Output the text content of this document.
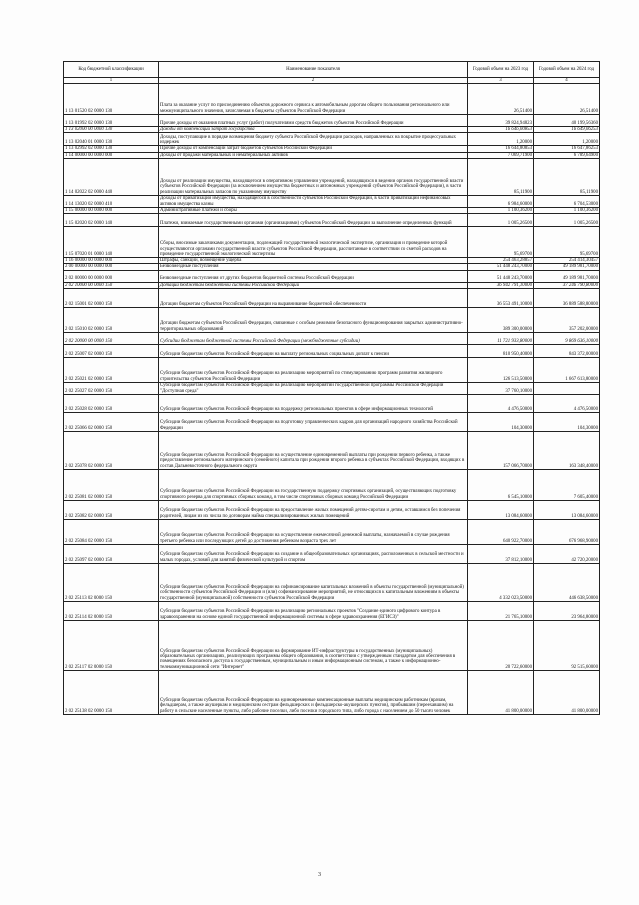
Код бюджетной классификации	Наименование показателя	Годовой объем на 2023 год	Годовой объем на 2024 год
1	2	3	4
1 13 01520 02 0000 130	Плата за оказание услуг по присоединению объектов дорожного сервиса к автомобильным дорогам общего пользования регионального или межмуниципального значения, зачисляемая в бюджеты субъектов Российской Федерации	26,51400	26,51400
1 13 01992 02 0000 130	Прочие доходы от оказания платных услуг (работ) получателями средств бюджетов субъектов Российской Федерации	39 824,94823	40 199,56360
1 13 02000 00 0000 130	Доходы от компенсации затрат государства	16 646,00853	16 649,06253
1 13 02040 01 0000 130	Доходы, поступающие в порядке возмещения бюджету субъекта Российской Федерации расходов, направленных на покрытие процессуальных издержек	1,20000	1,20000
1 13 02992 02 0000 130	Прочие доходы от компенсации затрат бюджетов субъектов Российской Федерации	16 644,80853	16 647,86253
1 14 00000 00 0000 000	Доходы от продажи материальных и нематериальных активов	7 069,71900	6 789,64900
1 14 02022 02 0000 440	Доходы от реализации имущества, находящегося в оперативном управлении учреждений, находящихся в ведении органов государственной власти субъектов Российской Федерации (за исключением имущества бюджетных и автономных учреждений субъектов Российской Федерации), в части реализации материальных запасов по указанному имуществу	85,11900	85,11900
1 14 13020 02 0000 410	Доходы от приватизации имущества, находящегося в собственности субъектов Российской Федерации, в части приватизации нефинансовых активов имущества казны	6 984,60000	6 704,53000
1 15 00000 00 0000 000	Административные платежи и сборы	1 100,36200	1 100,36200
1 15 02020 02 0000 140	Платежи, взимаемые государственными органами (организациями) субъектов Российской Федерации за выполнение определенных функций	1 005,26500	1 005,26500
1 15 07020 01 0000 140	Сборы, вносимые заказчиками документации, подлежащей государственной экологической экспертизе, организация и проведение которой осуществляются органами государственной власти субъектов Российской Федерации, рассчитанные в соответствии со сметой расходов на проведение государственной экологической экспертизы	95,69700	95,69700
1 16 00000 00 0000 000	Штрафы, санкции, возмещение ущерба	254 463,28857	254 414,30457
2 00 00000 00 0000 000	Безвозмездные поступления	51 448 243,70000	49 189 981,70000
2 02 00000 00 0000 000	Безвозмездные поступления от других бюджетов бюджетной системы Российской Федерации	51 448 243,70000	49 189 981,70000
2 02 10000 00 0000 150	Дотации бюджетам бюджетной системы Российской Федерации	36 942 791,10000	37 246 790,80000
2 02 15001 02 0000 150	Дотации бюджетам субъектов Российской Федерации на выравнивание бюджетной обеспеченности	36 553 491,10000	36 889 588,80000
2 02 15010 02 0000 150	Дотации бюджетам субъектов Российской Федерации, связанные с особым режимом безопасного функционирования закрытых административно-территориальных образований	389 300,00000	357 202,00000
2 02 20000 00 0000 150	Субсидии бюджетам бюджетной системы Российской Федерации (межбюджетные субсидии)	11 721 933,80000	9 869 636,10000
2 02 25007 02 0000 150	Субсидии бюджетам субъектов Российской Федерации на выплату региональных социальных доплат к пенсии	810 950,40000	843 372,00000
2 02 25021 02 0000 150	Субсидии бюджетам субъектов Российской Федерации на реализацию мероприятий по стимулированию программ развития жилищного строительства субъектов Российской Федерации	126 513,50000	1 667 613,80000
2 02 25027 02 0000 150	Субсидии бюджетам субъектов Российской Федерации на реализацию мероприятий государственной программы Российской Федерации "Доступная среда"	37 760,10000	
2 02 25028 02 0000 150	Субсидии бюджетам субъектов Российской Федерации на поддержку региональных проектов в сфере информационных технологий	4 476,50000	4 476,50000
2 02 25066 02 0000 150	Субсидии бюджетам субъектов Российской Федерации на подготовку управленческих кадров для организаций народного хозяйства Российской Федерации	104,30000	104,30000
2 02 25078 02 0000 150	Субсидии бюджетам субъектов Российской Федерации на осуществление единовременной выплаты при рождении первого ребенка, а также предоставление регионального материнского (семейного) капитала при рождении второго ребенка в субъектах Российской Федерации, входящих в состав Дальневосточного федерального округа	157 066,70000	163 348,40000
2 02 25081 02 0000 150	Субсидии бюджетам субъектов Российской Федерации на государственную поддержку спортивных организаций, осуществляющих подготовку спортивного резерва для спортивных сборных команд, в том числе спортивных сборных команд Российской Федерации	6 545,10000	7 605,40000
2 02 25082 02 0000 150	Субсидии бюджетам субъектов Российской Федерации на предоставление жилых помещений детям-сиротам и детям, оставшимся без попечения родителей, лицам из их числа по договорам найма специализированных жилых помещений	13 084,60000	13 084,60000
2 02 25084 02 0000 150	Субсидии бюджетам субъектов Российской Федерации на осуществление ежемесячной денежной выплаты, назначаемой в случае рождения третьего ребенка или последующих детей до достижения ребенком возраста трех лет	640 922,70000	676 968,90000
2 02 25097 02 0000 150	Субсидии бюджетам субъектов Российской Федерации на создание в общеобразовательных организациях, расположенных в сельской местности и малых городах, условий для занятий физической культурой и спортом	37 812,10000	42 720,20000
2 02 25113 02 0000 150	Субсидии бюджетам субъектов Российской Федерации на софинансирование капитальных вложений в объекты государственной (муниципальной) собственности субъектов Российской Федерации и (или) софинансирование мероприятий, не относящихся к капитальным вложениям в объекты государственной (муниципальной) собственности субъектов Российской Федерации	4 332 023,50000	446 638,50000
2 02 25114 02 0000 150	Субсидии бюджетам субъектов Российской Федерации на реализацию региональных проектов "Создание единого цифрового контура в здравоохранении на основе единой государственной информационной системы в сфере здравоохранения (ЕГИСЗ)"	21 765,10000	23 964,80000
2 02 25117 02 0000 150	Субсидии бюджетам субъектов Российской Федерации на формирование ИТ-инфраструктуры в государственных (муниципальных) образовательных организациях, реализующих программы общего образования, в соответствии с утвержденным стандартом для обеспечения в помещениях безопасного доступа к государственным, муниципальным и иным информационным системам, а также к информационно-телекоммуникационной сети "Интернет"	20 722,60000	92 515,60000
2 02 25138 02 0000 150	Субсидии бюджетам субъектов Российской Федерации на единовременные компенсационные выплаты медицинским работникам (врачам, фельдшерам, а также акушеркам и медицинским сестрам фельдшерских и фельдшерско-акушерских пунктов), прибывшим (переехавшим) на работу в сельские населенные пункты, либо рабочие поселки, либо поселки городского типа, либо города с населением до 50 тысяч человек	41 800,00000	41 800,00000
3
